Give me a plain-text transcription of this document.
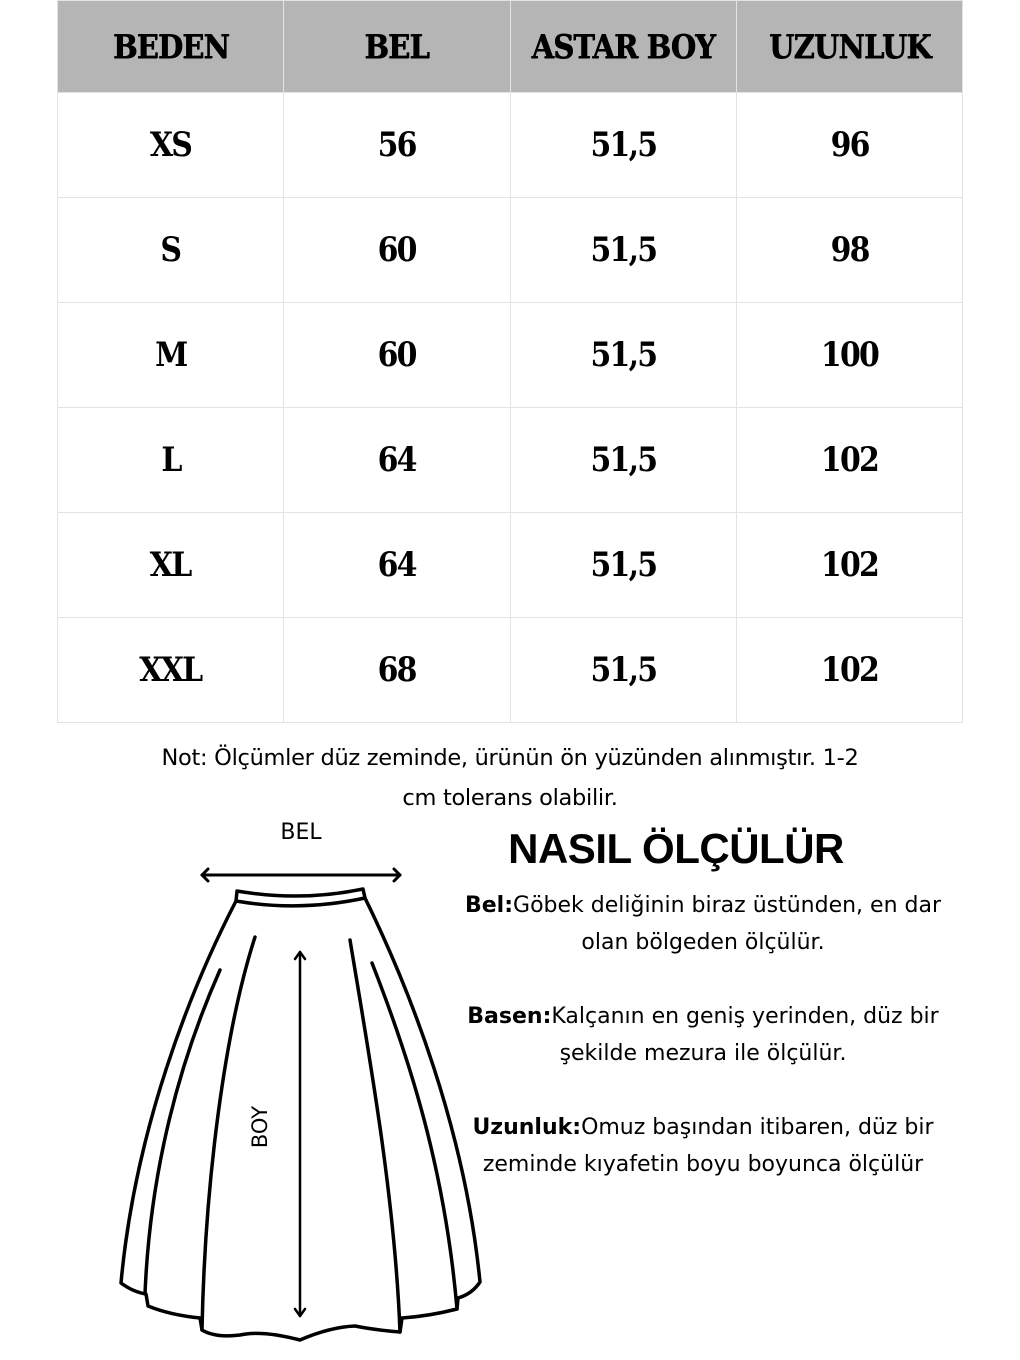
BEDEN	BEL	ASTAR BOY	UZUNLUK
XS	56	51,5	96
S	60	51,5	98
M	60	51,5	100
L	64	51,5	102
XL	64	51,5	102
XXL	68	51,5	102
Not: Ölçümler düz zeminde, ürünün ön yüzünden alınmıştır. 1-2
cm tolerans olabilir.
BEL
BOY
NASIL ÖLÇÜLÜR
Bel:Göbek deliğinin biraz üstünden, en dar
olan bölgeden ölçülür.
Basen:Kalçanın en geniş yerinden, düz bir
şekilde mezura ile ölçülür.
Uzunluk:Omuz başından itibaren, düz bir
zeminde kıyafetin boyu boyunca ölçülür
